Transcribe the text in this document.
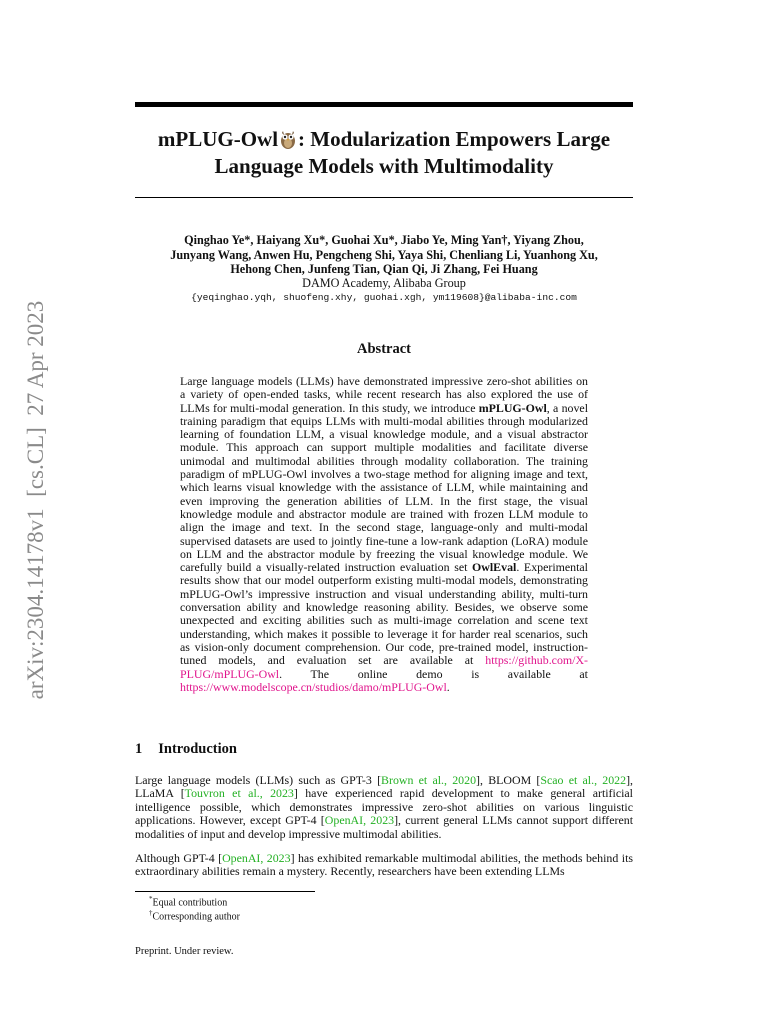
arXiv:2304.14178v1  [cs.CL]  27 Apr 2023
mPLUG-Owl : Modularization Empowers Large
Language Models with Multimodality
Qinghao Ye*, Haiyang Xu*, Guohai Xu*, Jiabo Ye, Ming Yan†, Yiyang Zhou,
Junyang Wang, Anwen Hu, Pengcheng Shi, Yaya Shi, Chenliang Li, Yuanhong Xu,
Hehong Chen, Junfeng Tian, Qian Qi, Ji Zhang, Fei Huang
DAMO Academy, Alibaba Group
{yeqinghao.yqh, shuofeng.xhy, guohai.xgh, ym119608}@alibaba-inc.com
Abstract
Large language models (LLMs) have demonstrated impressive zero-shot abilities on a variety of open-ended tasks, while recent research has also explored the use of LLMs for multi-modal generation. In this study, we introduce mPLUG-Owl, a novel training paradigm that equips LLMs with multi-modal abilities through modularized learning of foundation LLM, a visual knowledge module, and a visual abstractor module. This approach can support multiple modalities and facilitate diverse unimodal and multimodal abilities through modality collaboration. The training paradigm of mPLUG-Owl involves a two-stage method for aligning image and text, which learns visual knowledge with the assistance of LLM, while maintaining and even improving the generation abilities of LLM. In the first stage, the visual knowledge module and abstractor module are trained with frozen LLM module to align the image and text. In the second stage, language-only and multi-modal supervised datasets are used to jointly fine-tune a low-rank adaption (LoRA) module on LLM and the abstractor module by freezing the visual knowledge module. We carefully build a visually-related instruction evaluation set OwlEval. Experimental results show that our model outperform existing multi-modal models, demonstrating mPLUG-Owl’s impressive instruction and visual understanding ability, multi-turn conversation ability and knowledge reasoning ability. Besides, we observe some unexpected and exciting abilities such as multi-image correlation and scene text understanding, which makes it possible to leverage it for harder real scenarios, such as vision-only document comprehension. Our code, pre-trained model, instruction-tuned models, and evaluation set are available at https://github.com/X-PLUG/mPLUG-Owl. The online demo is available at https://www.modelscope.cn/studios/damo/mPLUG-Owl.
1 Introduction
Large language models (LLMs) such as GPT-3 [Brown et al., 2020], BLOOM [Scao et al., 2022], LLaMA [Touvron et al., 2023] have experienced rapid development to make general artificial intelligence possible, which demonstrates impressive zero-shot abilities on various linguistic applications. However, except GPT-4 [OpenAI, 2023], current general LLMs cannot support different modalities of input and develop impressive multimodal abilities.
Although GPT-4 [OpenAI, 2023] has exhibited remarkable multimodal abilities, the methods behind its extraordinary abilities remain a mystery. Recently, researchers have been extending LLMs
*Equal contribution
†Corresponding author
Preprint. Under review.
